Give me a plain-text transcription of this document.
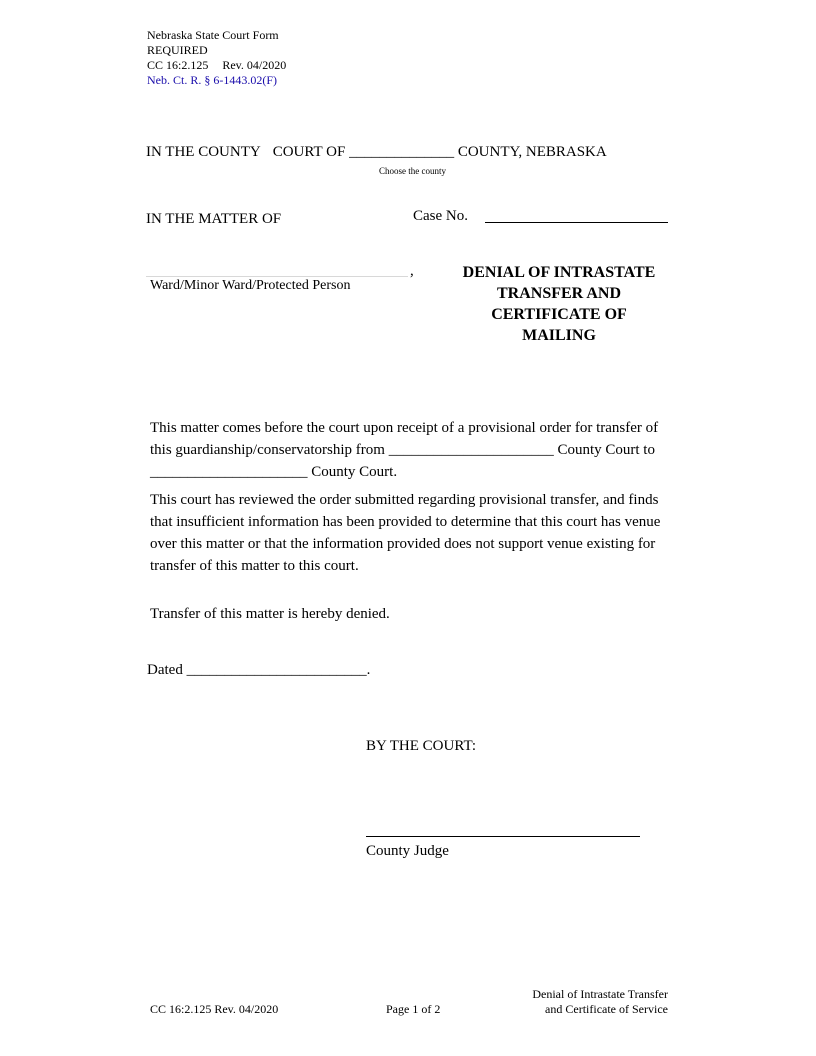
Nebraska State Court Form
REQUIRED
CC 16:2.125 Rev. 04/2020
Neb. Ct. R. § 6-1443.02(F)
IN THE COUNTY COURT OF ______________ COUNTY, NEBRASKA
Choose the county
IN THE MATTER OF	Case No.
,
Ward/Minor Ward/Protected Person
DENIAL OF INTRASTATE
TRANSFER AND
CERTIFICATE OF
MAILING
This matter comes before the court upon receipt of a provisional order for transfer of this guardianship/conservatorship from ______________________ County Court to _____________________ County Court.
This court has reviewed the order submitted regarding provisional transfer, and finds that insufficient information has been provided to determine that this court has venue over this matter or that the information provided does not support venue existing for transfer of this matter to this court.
Transfer of this matter is hereby denied.
Dated ________________________.
BY THE COURT:
County Judge
CC 16:2.125 Rev. 04/2020	Page 1 of 2
Denial of Intrastate Transfer
and Certificate of Service
